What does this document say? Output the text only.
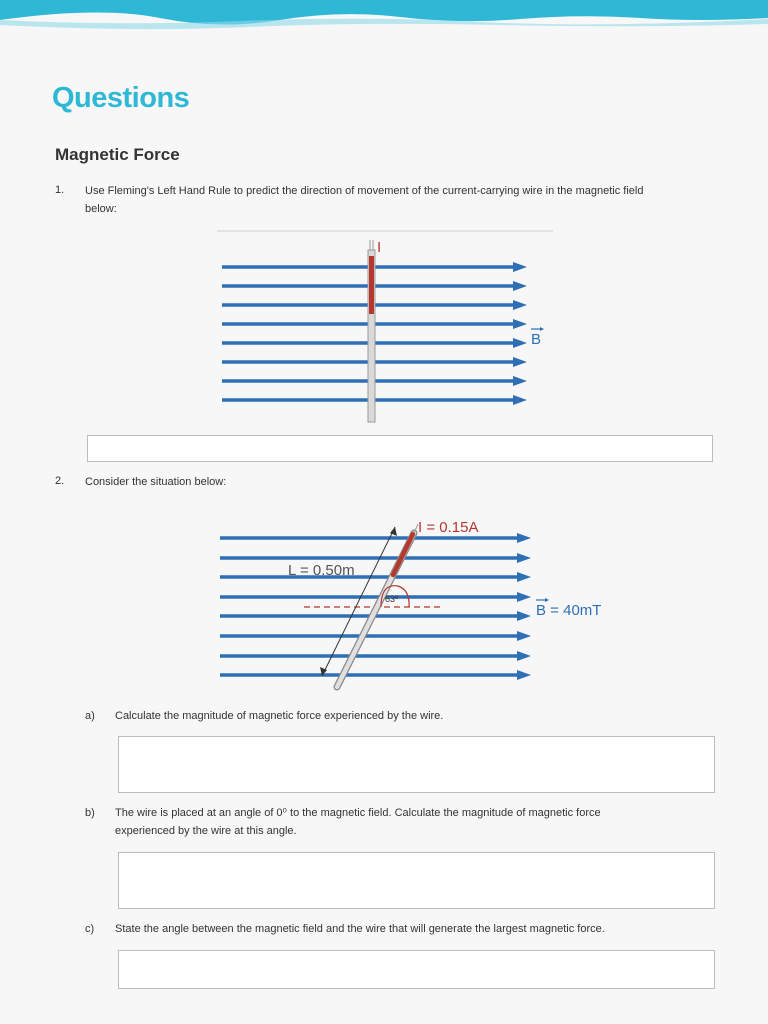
Questions
Magnetic Force
1. Use Fleming's Left Hand Rule to predict the direction of movement of the current-carrying wire in the magnetic field
below:
I
B
2. Consider the situation below:
I = 0.15A
L = 0.50m
63º
B = 40mT
a) Calculate the magnitude of magnetic force experienced by the wire.
b) The wire is placed at an angle of 0⁰ to the magnetic field. Calculate the magnitude of magnetic force
experienced by the wire at this angle.
c) State the angle between the magnetic field and the wire that will generate the largest magnetic force.
